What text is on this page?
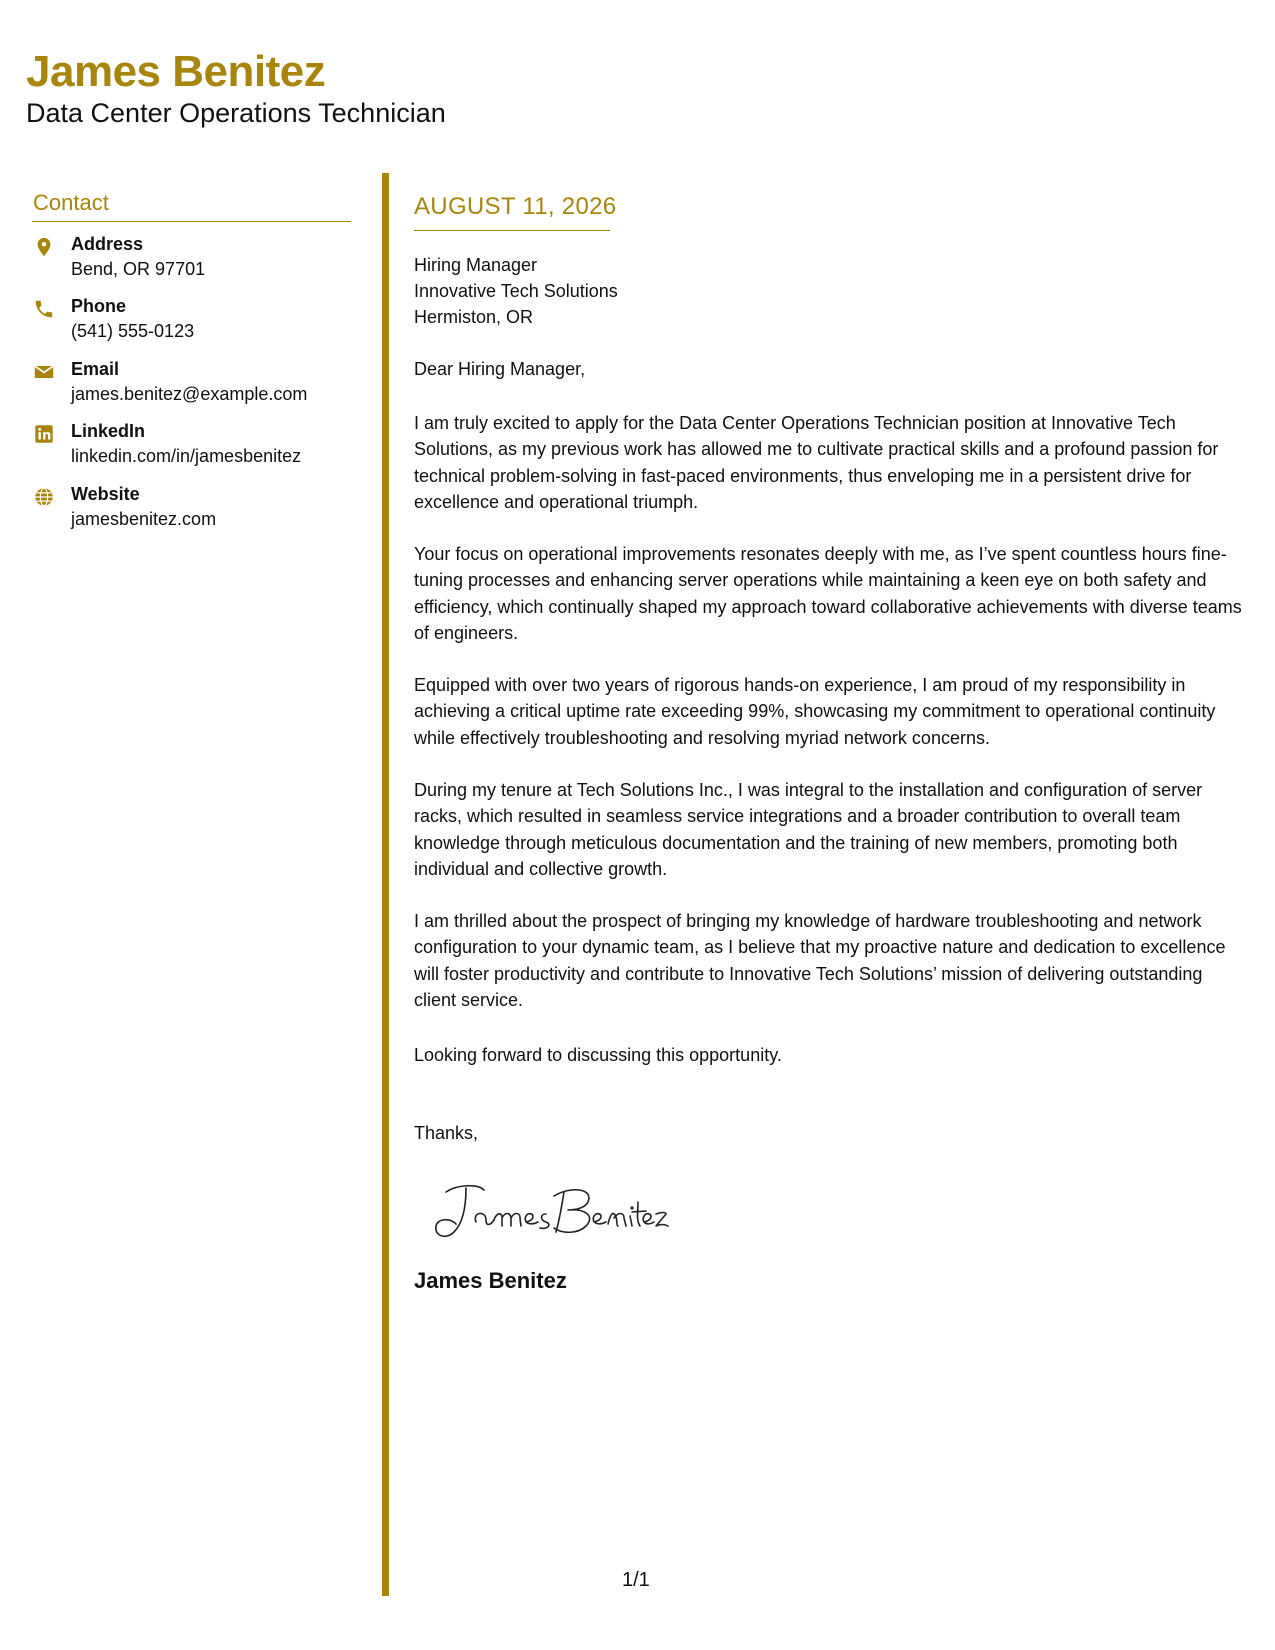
James Benitez
Data Center Operations Technician
Contact
Address
Bend, OR 97701
Phone
(541) 555-0123
Email
james.benitez@example.com
LinkedIn
linkedin.com/in/jamesbenitez
Website
jamesbenitez.com
AUGUST 11, 2026
Hiring Manager
Innovative Tech Solutions
Hermiston, OR
Dear Hiring Manager,

I am truly excited to apply for the Data Center Operations Technician position at Innovative Tech Solutions, as my previous work has allowed me to cultivate practical skills and a profound passion for technical problem-solving in fast-paced environments, thus enveloping me in a persistent drive for excellence and operational triumph.

Your focus on operational improvements resonates deeply with me, as I’ve spent countless hours fine-tuning processes and enhancing server operations while maintaining a keen eye on both safety and efficiency, which continually shaped my approach toward collaborative achievements with diverse teams of engineers.

Equipped with over two years of rigorous hands-on experience, I am proud of my responsibility in achieving a critical uptime rate exceeding 99%, showcasing my commitment to operational continuity while effectively troubleshooting and resolving myriad network concerns.

During my tenure at Tech Solutions Inc., I was integral to the installation and configuration of server racks, which resulted in seamless service integrations and a broader contribution to overall team knowledge through meticulous documentation and the training of new members, promoting both individual and collective growth.

I am thrilled about the prospect of bringing my knowledge of hardware troubleshooting and network configuration to your dynamic team, as I believe that my proactive nature and dedication to excellence will foster productivity and contribute to Innovative Tech Solutions’ mission of delivering outstanding client service.

Looking forward to discussing this opportunity.
Thanks,
James Benitez
1/1
